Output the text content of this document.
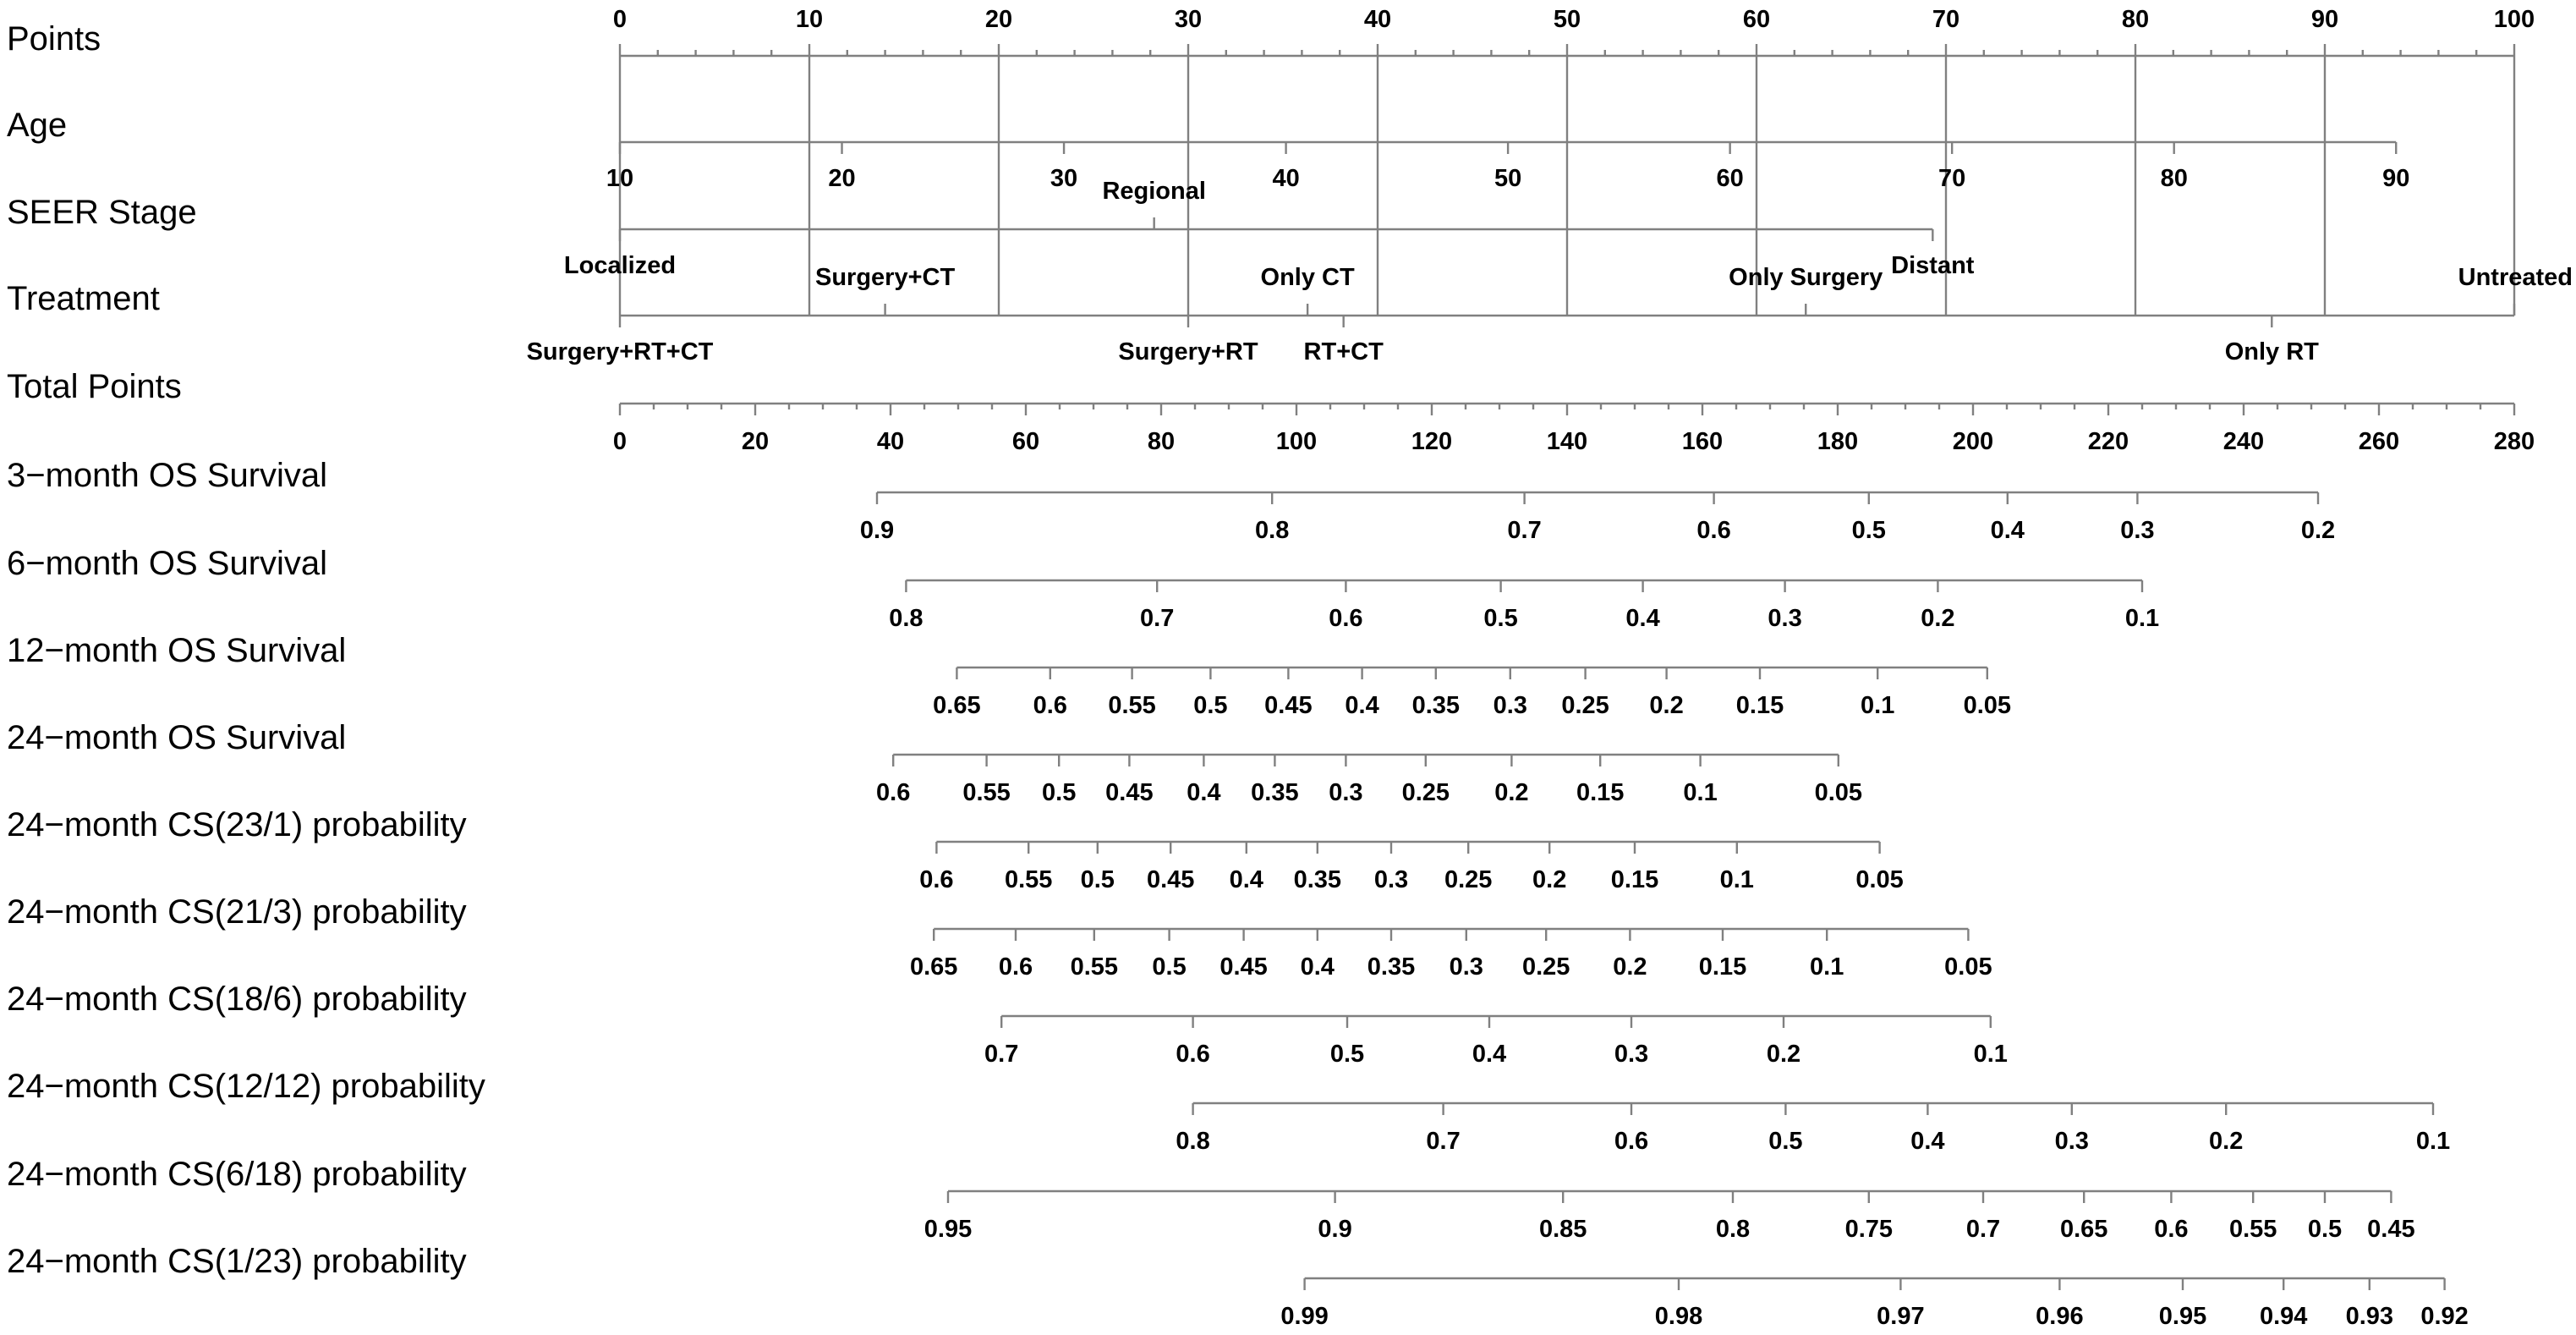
Points
0	10	20	30	40	50	60	70	80	90	100
Age
10	20	30	40	50	60	70	80	90
SEER Stage
Localized
Regional
Distant
Treatment
Surgery+RT+CT
Surgery+CT
Surgery+RT
Only CT
RT+CT
Only Surgery
Only RT
Untreated
Total Points
0	20	40	60	80	100	120	140	160	180	200	220	240	260	280
3−month OS Survival
0.9	0.8	0.7	0.6	0.5	0.4	0.3	0.2
6−month OS Survival
0.8	0.7	0.6	0.5	0.4	0.3	0.2	0.1
12−month OS Survival
0.65 0.6 0.55 0.5 0.45 0.4 0.35 0.3 0.25 0.2 0.15	0.1	0.05
24−month OS Survival
0.6 0.55 0.5 0.45 0.4 0.35 0.3 0.25 0.2 0.15 0.1	0.05
24−month CS(23/1) probability
0.6 0.55 0.5 0.45 0.4 0.35 0.3 0.25 0.2 0.15 0.1	0.05
24−month CS(21/3) probability
0.65 0.6 0.55 0.5 0.45 0.4 0.35 0.3 0.25 0.2 0.15	0.1	0.05
24−month CS(18/6) probability
0.7	0.6	0.5	0.4	0.3	0.2	0.1
24−month CS(12/12) probability
0.8	0.7	0.6	0.5	0.4	0.3	0.2	0.1
24−month CS(6/18) probability
0.95	0.9	0.85	0.8	0.75	0.7 0.65 0.6 0.55 0.5 0.45
24−month CS(1/23) probability
0.99	0.98	0.97	0.96	0.95 0.94 0.93 0.92
